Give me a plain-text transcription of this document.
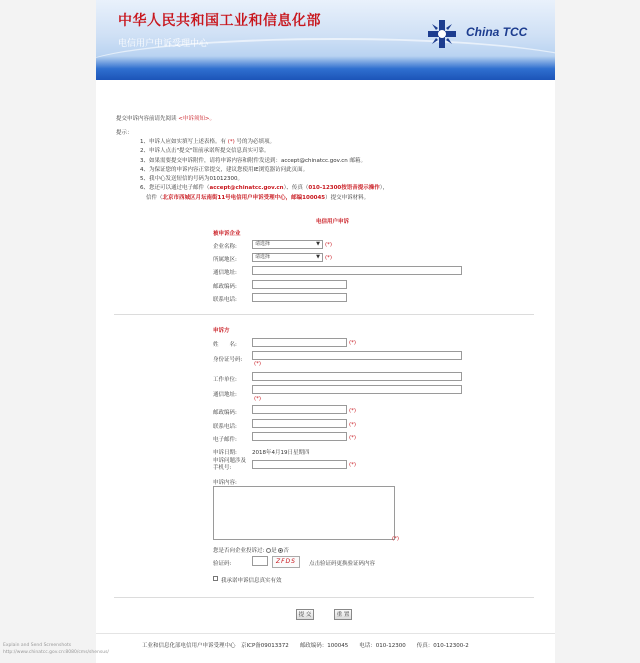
中华人民共和国工业和信息化部
电信用户申诉受理中心
China TCC
提交申诉内容前请先阅读 <申诉须知>。
提示：
1、申诉人应如实填写上述表格。有 (*) 号的为必填项。
2、申诉人点击"提交"钮前承诺所提交信息真实可靠。
3、如果需要提交申诉附件，请将申诉内容和附件发送到：accept@chinatcc.gov.cn 邮箱。
4、为保证您的申诉内容正常提交，建议您使用IE浏览器访问此页面。
5、我中心发送短信的号码为01012300。
6、您还可以通过电子邮件（accept@chinatcc.gov.cn）、传真（010-12300按语音提示操作），
信件（北京市西城区月坛南街11号电信用户申诉受理中心，邮编100045）提交申诉材料。
电信用户申诉
被申诉企业
企业名称:	请选择	▼ (*)
所属地区:	请选择	▼ (*)
通信地址:
邮政编码:
联系电话:
申诉方
姓　　名:	(*)
身份证号码:
(*)
工作单位:
通信地址:
(*)
邮政编码:	(*)
联系电话:	(*)
电子邮件:	(*)
申诉日期:	2018年4月19日星期四
申诉问题涉及手机号:	(*)
申诉内容:
(*)
您是否向企业投诉过: 是 否
验证码:	ZFDS	点击验证码更换验证码内容
我承诺申诉信息真实有效
提 交	重 置
工业和信息化部电信用户申诉受理中心　京ICP备09013372　　邮政编码：100045　　电话：010-12300　　传真：010-12300-2
Explain and Send Screenshots
http://www.chinatcc.gov.cn:8080/cms/shensus/
